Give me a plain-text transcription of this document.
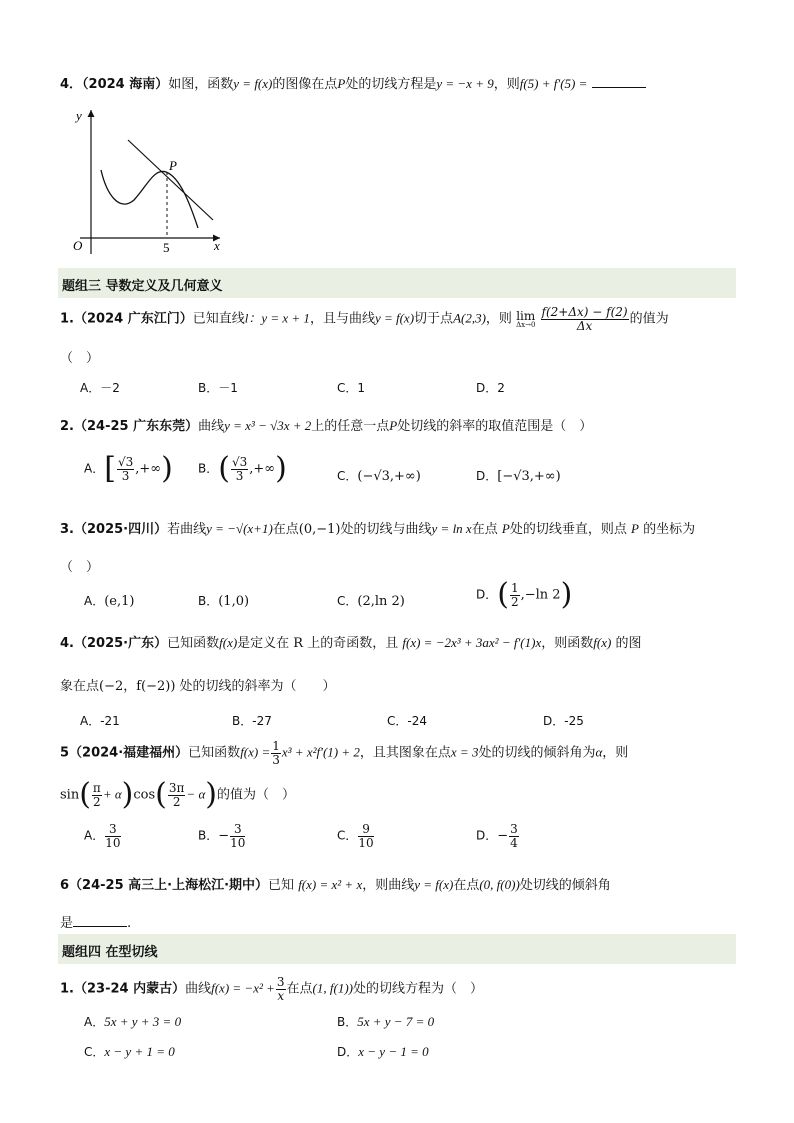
4．（2024 海南）如图，函数y = f(x)的图像在点P处的切线方程是y = −x + 9，则f(5) + f′(5) =
y
x
O
P
5
题组三 导数定义及几何意义
1.（2024 广东江门）已知直线l：y = x + 1，且与曲线y = f(x)切于点A(2,3)，则 lim
Δx→0
$\frac{f(2+\Delta x) - f(2)}{\Delta x}$ 的值为
（　）
A．－2	B．－1	C．1	D．2
2.（24-25 广东东莞）曲线y = x³ − √3x + 2上的任意一点P处切线的斜率的取值范围是（　）
A．[ $\frac{√3}{3}$ ,+∞) B．( $\frac{√3}{3}$ ,+∞)	C．(−√3,+∞)	D．[−√3,+∞)
3.（2025·四川）若曲线y = −√(x+1)在点(0,−1)处的切线与曲线y = ln x在点 P处的切线垂直，则点 P 的坐标为
（　）
A．(e,1)	B．(1,0)	C．(2,ln 2)	D．( $\frac{1}{2} ,-\ln$ 2)
4.（2025·广东）已知函数f(x)是定义在 R 上的奇函数，且 f(x) = −2x³ + 3ax² − f′(1)x，则函数f(x) 的图
象在点(−2，f(−2)) 处的切线的斜率为（　　）
A．-21	B．-27	C．-24	D．-25
5（2024·福建福州）已知函数$f(x) = \frac{1}{3} x^3 + x^2f'(1) + 2$，且其图象在点x = 3处的切线的倾斜角为α，则
$\sin( \frac{\pi}{2} + \alpha)\cos( \frac{3\pi}{2} - \alpha)$的值为（　）
A． $\frac{3}{10}$	B．− $\frac{3}{10}$	C． $\frac{9}{10}$	D．− $\frac{3}{4}$
6（24-25 高三上·上海松江·期中）已知 f(x) = x² + x，则曲线y = f(x)在点(0, f(0))处切线的倾斜角
是	.
题组四 在型切线
1.（23-24 内蒙古）曲线$f(x) = -x^2 + \frac{3}{x}$ 在点(1, f(1))处的切线方程为（　）
A．5x + y + 3 = 0	B．5x + y − 7 = 0
C．x − y + 1 = 0	D．x − y − 1 = 0
